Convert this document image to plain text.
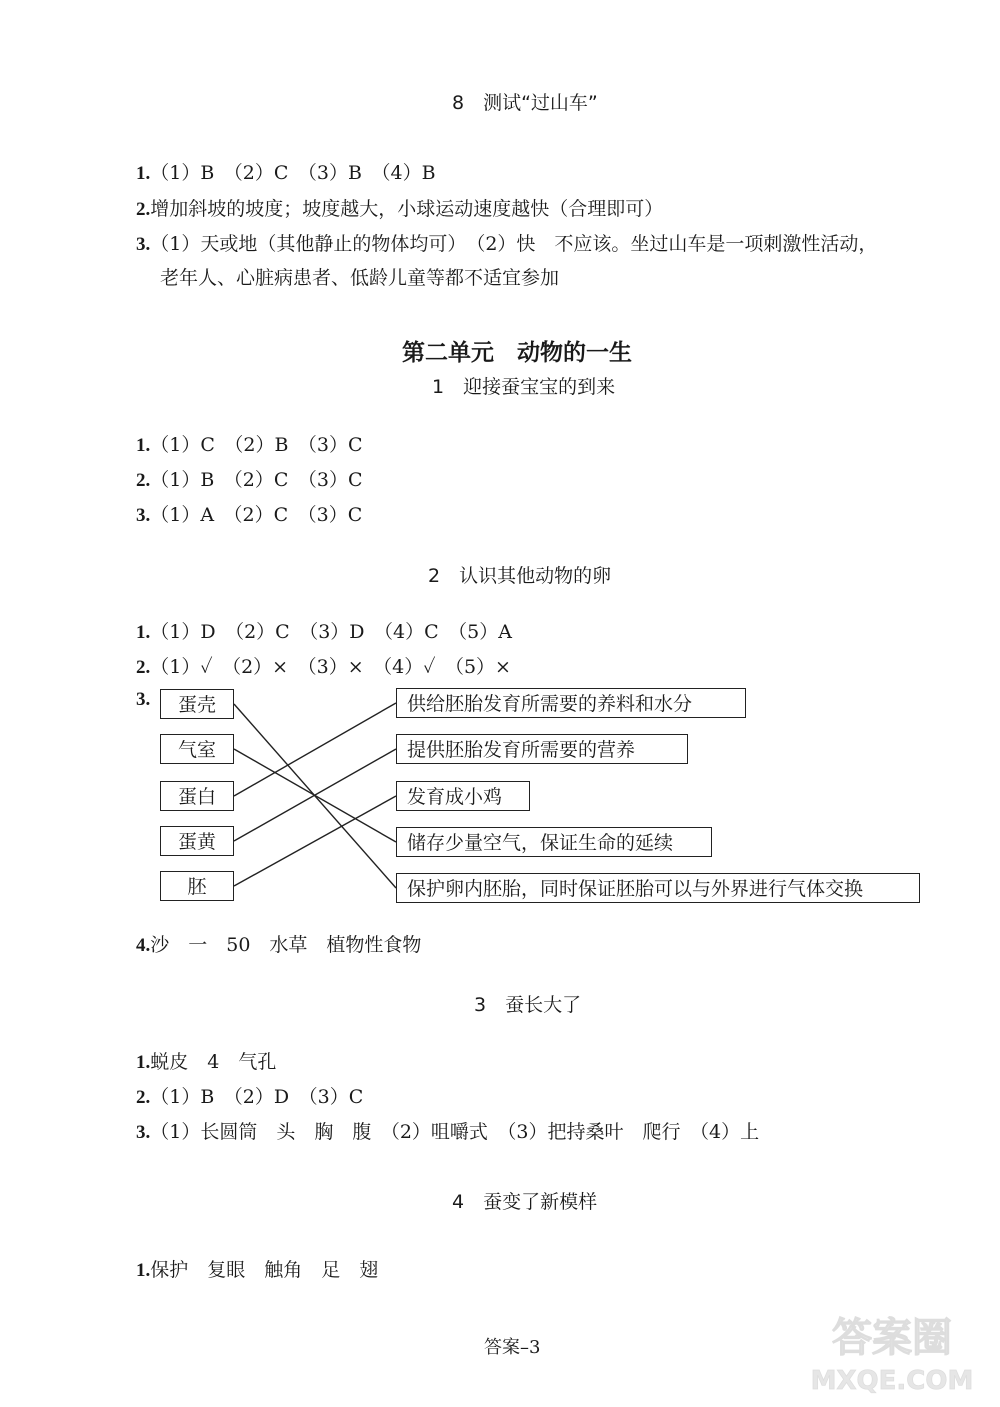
8　测试“过山车”
1.（1）B　（2）C　（3）B　（4）B
2.增加斜坡的坡度；坡度越大，小球运动速度越快（合理即可）
3.（1）天或地（其他静止的物体均可）　（2）快　不应该。坐过山车是一项刺激性活动，
老年人、心脏病患者、低龄儿童等都不适宜参加
第二单元　动物的一生
1　迎接蚕宝宝的到来
1.（1）C　（2）B　（3）C
2.（1）B　（2）C　（3）C
3.（1）A　（2）C　（3）C
2　认识其他动物的卵
1.（1）D　（2）C　（3）D　（4）C　（5）A
2.（1）✓　（2）×　（3）×　（4）✓　（5）×
3.	蛋壳
气室
蛋白
蛋黄
胚
供给胚胎发育所需要的养料和水分
提供胚胎发育所需要的营养
发育成小鸡
储存少量空气，保证生命的延续
保护卵内胚胎，同时保证胚胎可以与外界进行气体交换
4.沙　一　50　水草　植物性食物
3　蚕长大了
1.蜕皮　4　气孔
2.（1）B　（2）D　（3）C
3.（1）长圆筒　头　胸　腹　（2）咀嚼式　（3）把持桑叶　爬行　（4）上
4　蚕变了新模样
1.保护　复眼　触角　足　翅
答案–3	答案圈
MXQE.COM
